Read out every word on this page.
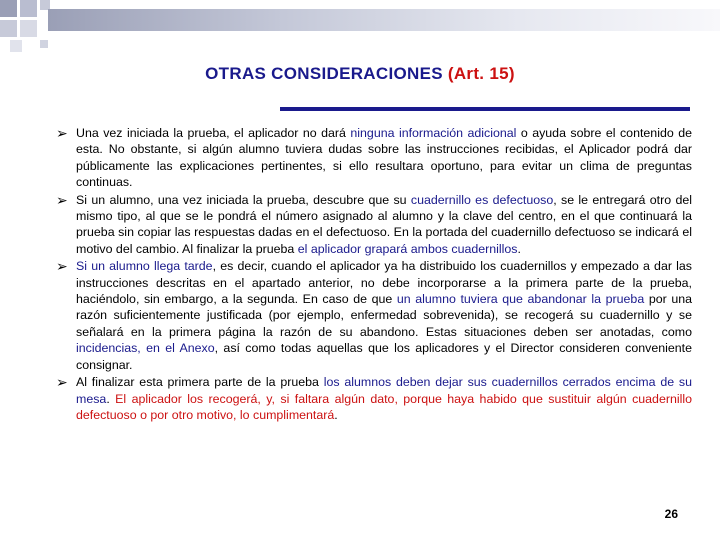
OTRAS CONSIDERACIONES (Art. 15)
➢ Una vez iniciada la prueba, el aplicador no dará ninguna información adicional o ayuda sobre el contenido de esta. No obstante, si algún alumno tuviera dudas sobre las instrucciones recibidas, el Aplicador podrá dar públicamente las explicaciones pertinentes, si ello resultara oportuno, para evitar un clima de preguntas continuas.
➢ Si un alumno, una vez iniciada la prueba, descubre que su cuadernillo es defectuoso, se le entregará otro del mismo tipo, al que se le pondrá el número asignado al alumno y la clave del centro, en el que continuará la prueba sin copiar las respuestas dadas en el defectuoso. En la portada del cuadernillo defectuoso se indicará el motivo del cambio. Al finalizar la prueba el aplicador grapará ambos cuadernillos.
➢ Si un alumno llega tarde, es decir, cuando el aplicador ya ha distribuido los cuadernillos y empezado a dar las instrucciones descritas en el apartado anterior, no debe incorporarse a la primera parte de la prueba, haciéndolo, sin embargo, a la segunda. En caso de que un alumno tuviera que abandonar la prueba por una razón suficientemente justificada (por ejemplo, enfermedad sobrevenida), se recogerá su cuadernillo y se señalará en la primera página la razón de su abandono. Estas situaciones deben ser anotadas, como incidencias, en el Anexo, así como todas aquellas que los aplicadores y el Director consideren conveniente consignar.
➢ Al finalizar esta primera parte de la prueba los alumnos deben dejar sus cuadernillos cerrados encima de su mesa. El aplicador los recogerá, y, si faltara algún dato, porque haya habido que sustituir algún cuadernillo defectuoso o por otro motivo, lo cumplimentará.
26
